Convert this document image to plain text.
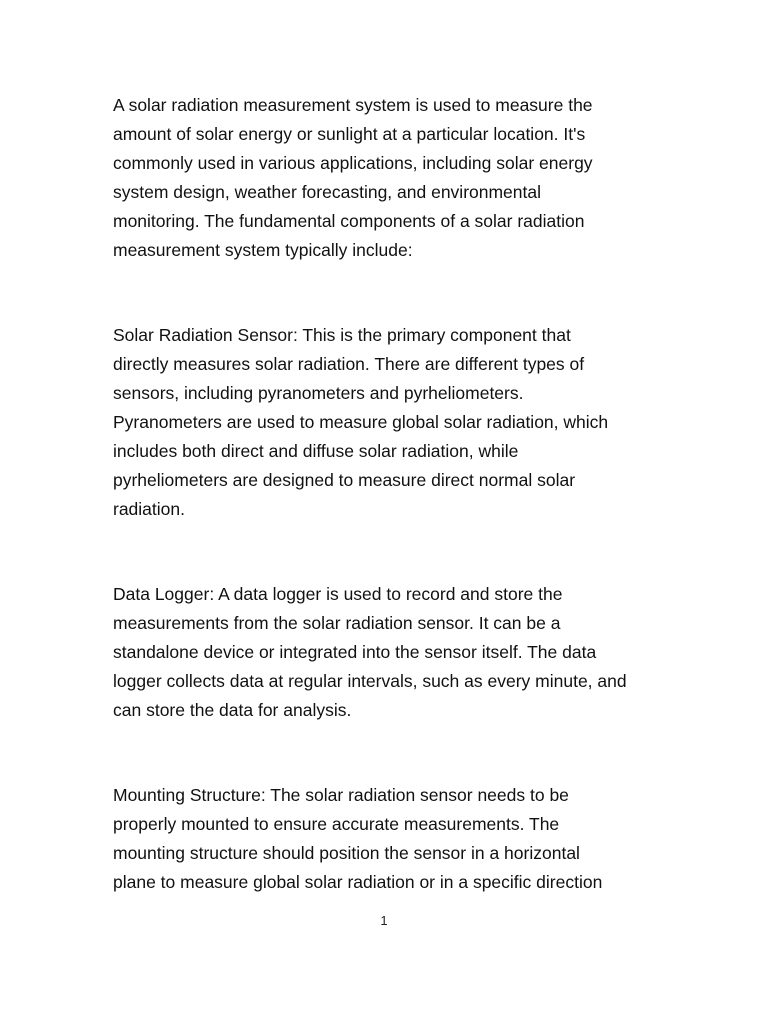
A solar radiation measurement system is used to measure the
amount of solar energy or sunlight at a particular location. It's
commonly used in various applications, including solar energy
system design, weather forecasting, and environmental
monitoring. The fundamental components of a solar radiation
measurement system typically include:

Solar Radiation Sensor: This is the primary component that
directly measures solar radiation. There are different types of
sensors, including pyranometers and pyrheliometers.
Pyranometers are used to measure global solar radiation, which
includes both direct and diffuse solar radiation, while
pyrheliometers are designed to measure direct normal solar
radiation.

Data Logger: A data logger is used to record and store the
measurements from the solar radiation sensor. It can be a
standalone device or integrated into the sensor itself. The data
logger collects data at regular intervals, such as every minute, and
can store the data for analysis.

Mounting Structure: The solar radiation sensor needs to be
properly mounted to ensure accurate measurements. The
mounting structure should position the sensor in a horizontal
plane to measure global solar radiation or in a specific direction

1
